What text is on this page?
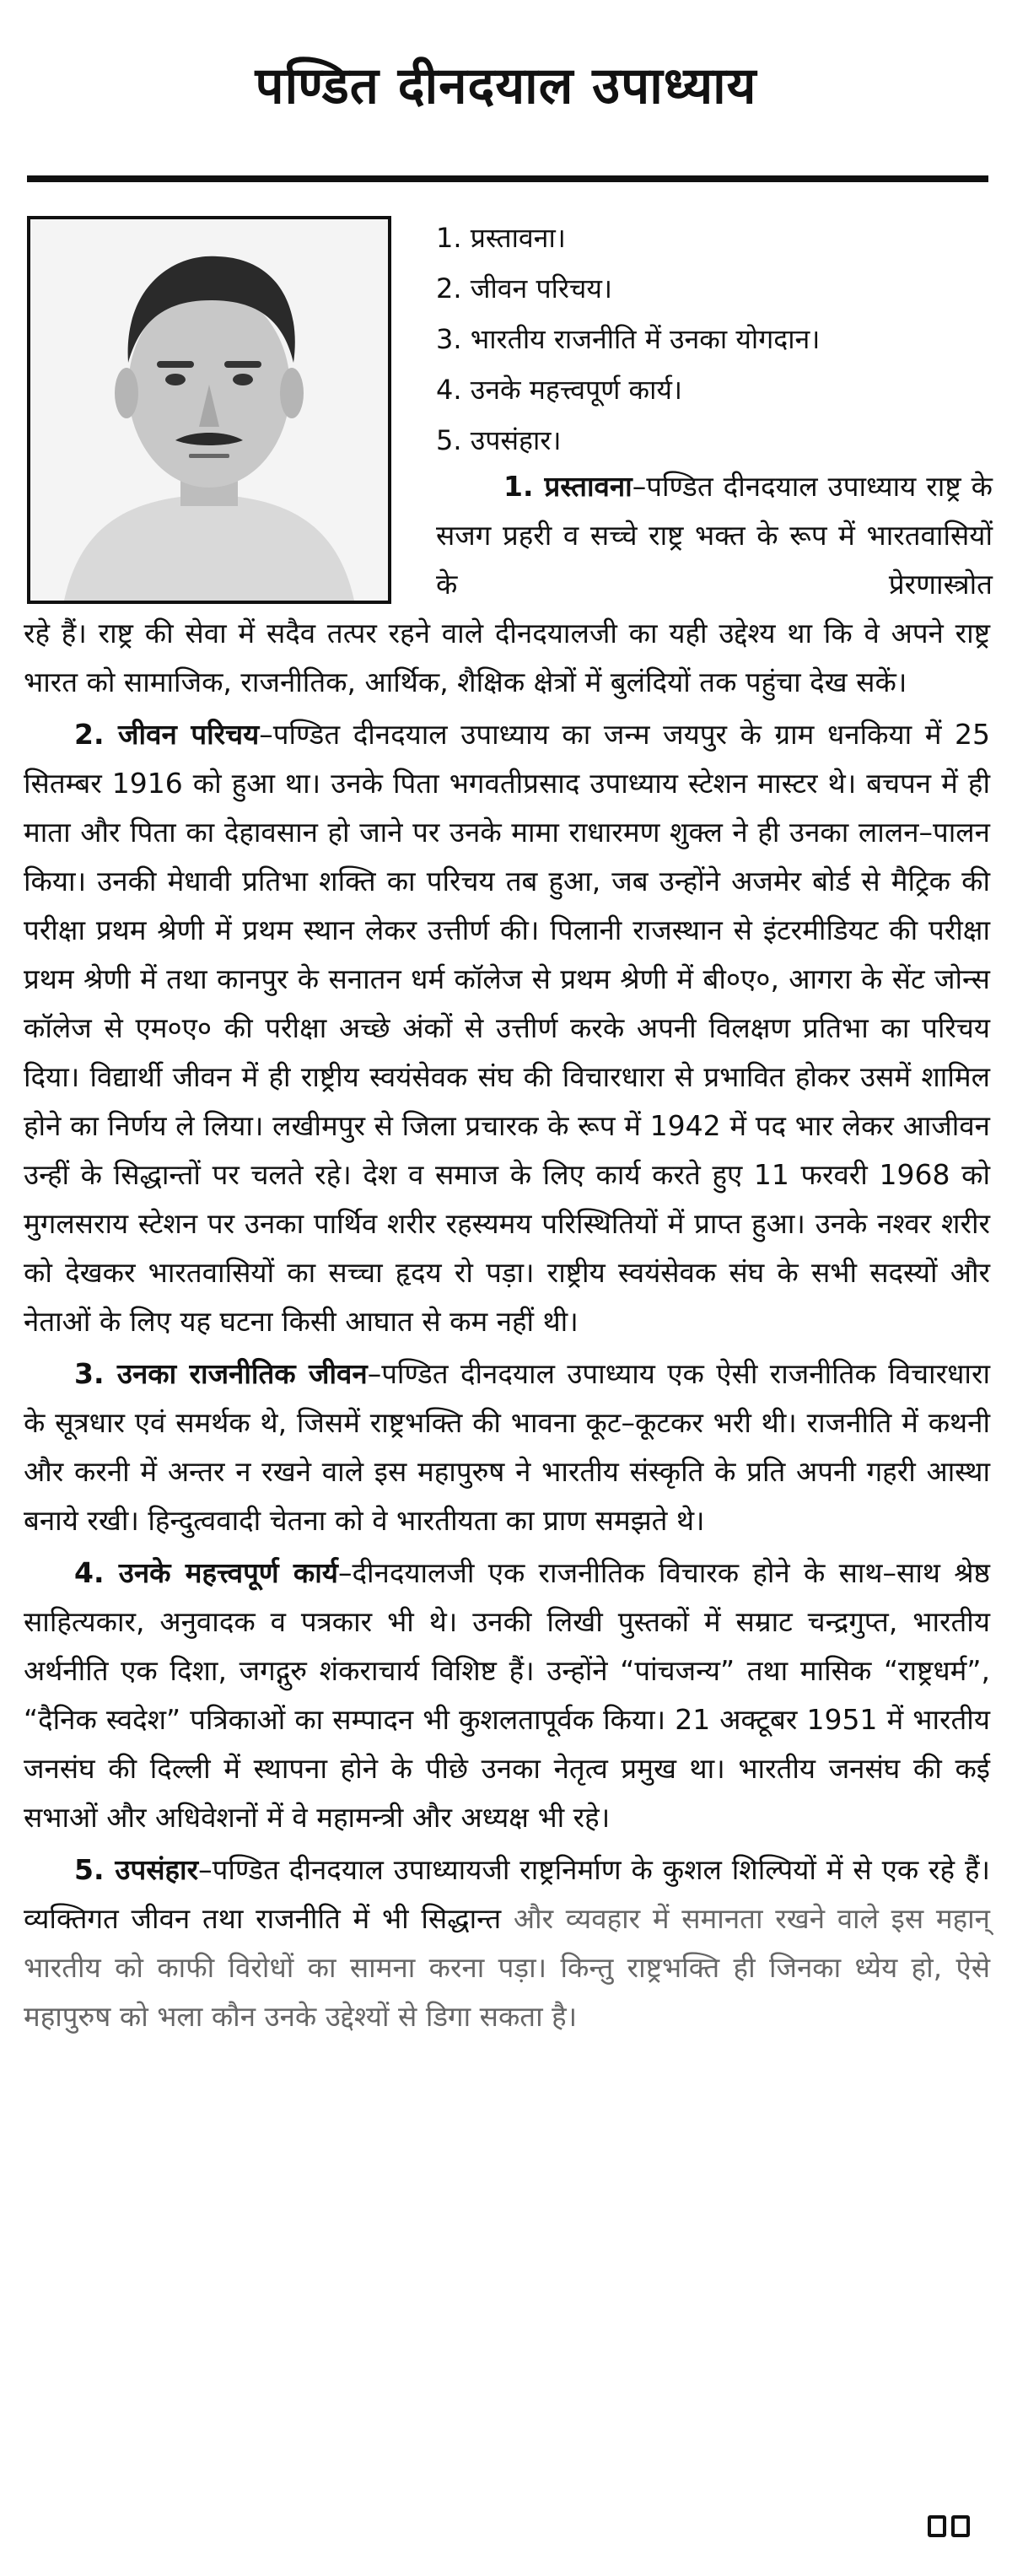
पण्डित दीनदयाल उपाध्याय
1. प्रस्तावना।
2. जीवन परिचय।
3. भारतीय राजनीति में उनका योगदान।
4. उनके महत्त्वपूर्ण कार्य।
5. उपसंहार।

1. प्रस्तावना–पण्डित दीनदयाल उपाध्याय राष्ट्र के सजग प्रहरी व सच्चे राष्ट्र भक्त के रूप में भारतवासियों के प्रेरणास्त्रोत

रहे हैं। राष्ट्र की सेवा में सदैव तत्पर रहने वाले दीनदयालजी का यही उद्देश्य था कि वे अपने राष्ट्र भारत को सामाजिक, राजनीतिक, आर्थिक, शैक्षिक क्षेत्रों में बुलंदियों तक पहुंचा देख सकें।

2. जीवन परिचय–पण्डित दीनदयाल उपाध्याय का जन्म जयपुर के ग्राम धनकिया में 25 सितम्बर 1916 को हुआ था। उनके पिता भगवतीप्रसाद उपाध्याय स्टेशन मास्टर थे। बचपन में ही माता और पिता का देहावसान हो जाने पर उनके मामा राधारमण शुक्ल ने ही उनका लालन–पालन किया। उनकी मेधावी प्रतिभा शक्ति का परिचय तब हुआ, जब उन्होंने अजमेर बोर्ड से मैट्रिक की परीक्षा प्रथम श्रेणी में प्रथम स्थान लेकर उत्तीर्ण की। पिलानी राजस्थान से इंटरमीडियट की परीक्षा प्रथम श्रेणी में तथा कानपुर के सनातन धर्म कॉलेज से प्रथम श्रेणी में बी०ए०, आगरा के सेंट जोन्स कॉलेज से एम०ए० की परीक्षा अच्छे अंकों से उत्तीर्ण करके अपनी विलक्षण प्रतिभा का परिचय दिया। विद्यार्थी जीवन में ही राष्ट्रीय स्वयंसेवक संघ की विचारधारा से प्रभावित होकर उसमें शामिल होने का निर्णय ले लिया। लखीमपुर से जिला प्रचारक के रूप में 1942 में पद भार लेकर आजीवन उन्हीं के सिद्धान्तों पर चलते रहे। देश व समाज के लिए कार्य करते हुए 11 फरवरी 1968 को मुगलसराय स्टेशन पर उनका पार्थिव शरीर रहस्यमय परिस्थितियों में प्राप्त हुआ। उनके नश्वर शरीर को देखकर भारतवासियों का सच्चा हृदय रो पड़ा। राष्ट्रीय स्वयंसेवक संघ के सभी सदस्यों और नेताओं के लिए यह घटना किसी आघात से कम नहीं थी।

3. उनका राजनीतिक जीवन–पण्डित दीनदयाल उपाध्याय एक ऐसी राजनीतिक विचारधारा के सूत्रधार एवं समर्थक थे, जिसमें राष्ट्रभक्ति की भावना कूट–कूटकर भरी थी। राजनीति में कथनी और करनी में अन्तर न रखने वाले इस महापुरुष ने भारतीय संस्कृति के प्रति अपनी गहरी आस्था बनाये रखी। हिन्दुत्ववादी चेतना को वे भारतीयता का प्राण समझते थे।

4. उनके महत्त्वपूर्ण कार्य–दीनदयालजी एक राजनीतिक विचारक होने के साथ–साथ श्रेष्ठ साहित्यकार, अनुवादक व पत्रकार भी थे। उनकी लिखी पुस्तकों में सम्राट चन्द्रगुप्त, भारतीय अर्थनीति एक दिशा, जगद्गुरु शंकराचार्य विशिष्ट हैं। उन्होंने “पांचजन्य” तथा मासिक “राष्ट्रधर्म”, “दैनिक स्वदेश” पत्रिकाओं का सम्पादन भी कुशलतापूर्वक किया। 21 अक्टूबर 1951 में भारतीय जनसंघ की दिल्ली में स्थापना होने के पीछे उनका नेतृत्व प्रमुख था। भारतीय जनसंघ की कई सभाओं और अधिवेशनों में वे महामन्त्री और अध्यक्ष भी रहे।

5. उपसंहार–पण्डित दीनदयाल उपाध्यायजी राष्ट्रनिर्माण के कुशल शिल्पियों में से एक रहे हैं। व्यक्तिगत जीवन तथा राजनीति में भी सिद्धान्त और व्यवहार में समानता रखने वाले इस महान् भारतीय को काफी विरोधों का सामना करना पड़ा। किन्तु राष्ट्रभक्ति ही जिनका ध्येय हो, ऐसे महापुरुष को भला कौन उनके उद्देश्यों से डिगा सकता है।
